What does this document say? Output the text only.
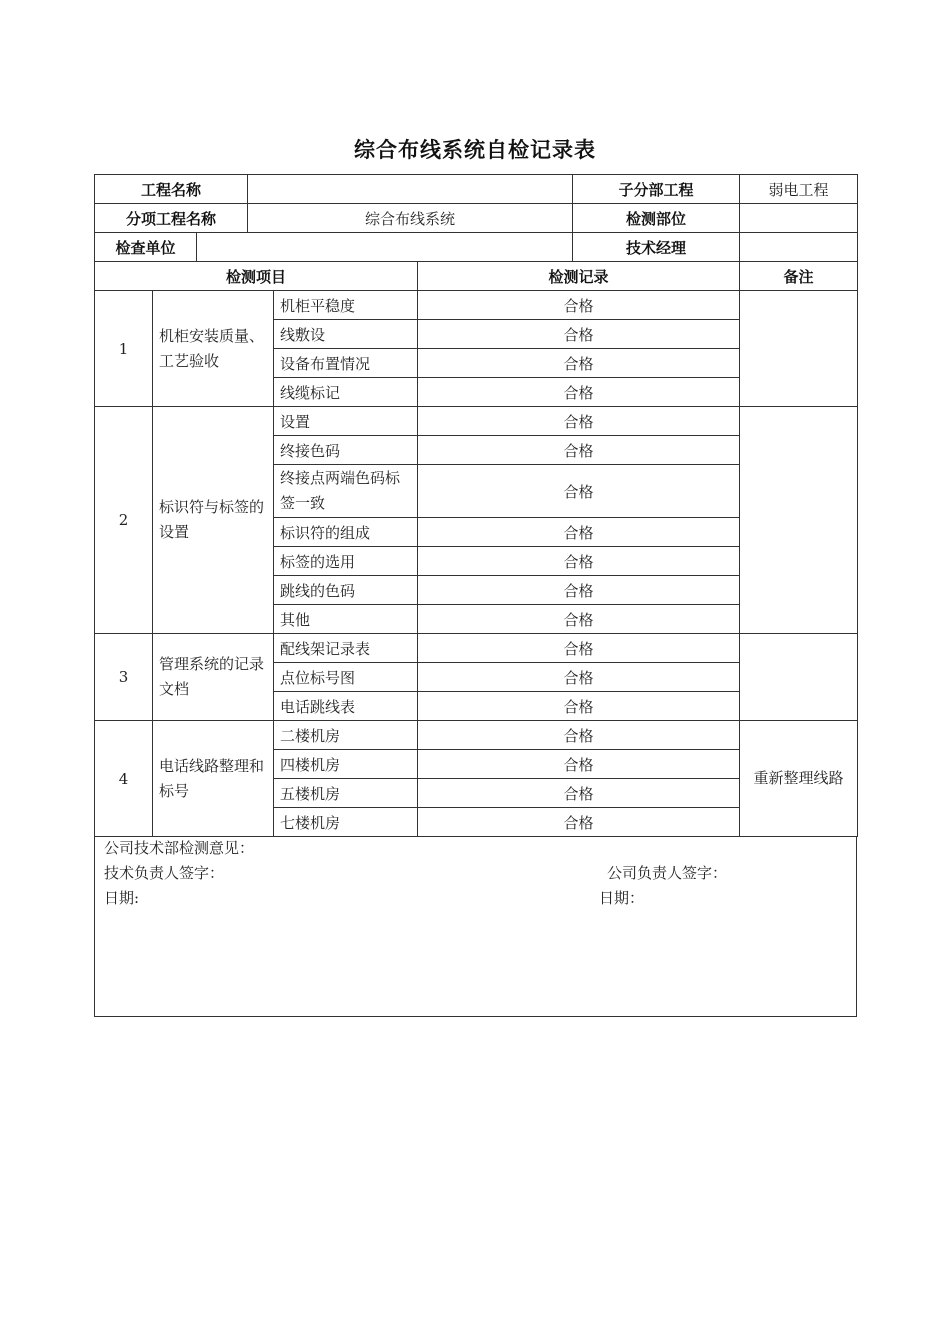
综合布线系统自检记录表
工程名称		子分部工程	弱电工程
分项工程名称	综合布线系统	检测部位	
检查单位		技术经理	
检测项目			检测记录	备注
1	机柜安装质量、工艺验收	机柜平稳度	合格	
		线敷设	合格	
		设备布置情况	合格	
		线缆标记	合格	
2	标识符与标签的设置	设置	合格	
		终接色码	合格	
		终接点两端色码标签一致	合格	
		标识符的组成	合格	
		标签的选用	合格	
		跳线的色码	合格	
		其他	合格	
3	管理系统的记录文档	配线架记录表	合格	
		点位标号图	合格	
		电话跳线表	合格	
4	电话线路整理和标号	二楼机房	合格	重新整理线路
		四楼机房	合格	
		五楼机房	合格	
		七楼机房	合格	
公司技术部检测意见：
技术负责人签字：	公司负责人签字：
日期:	日期：
